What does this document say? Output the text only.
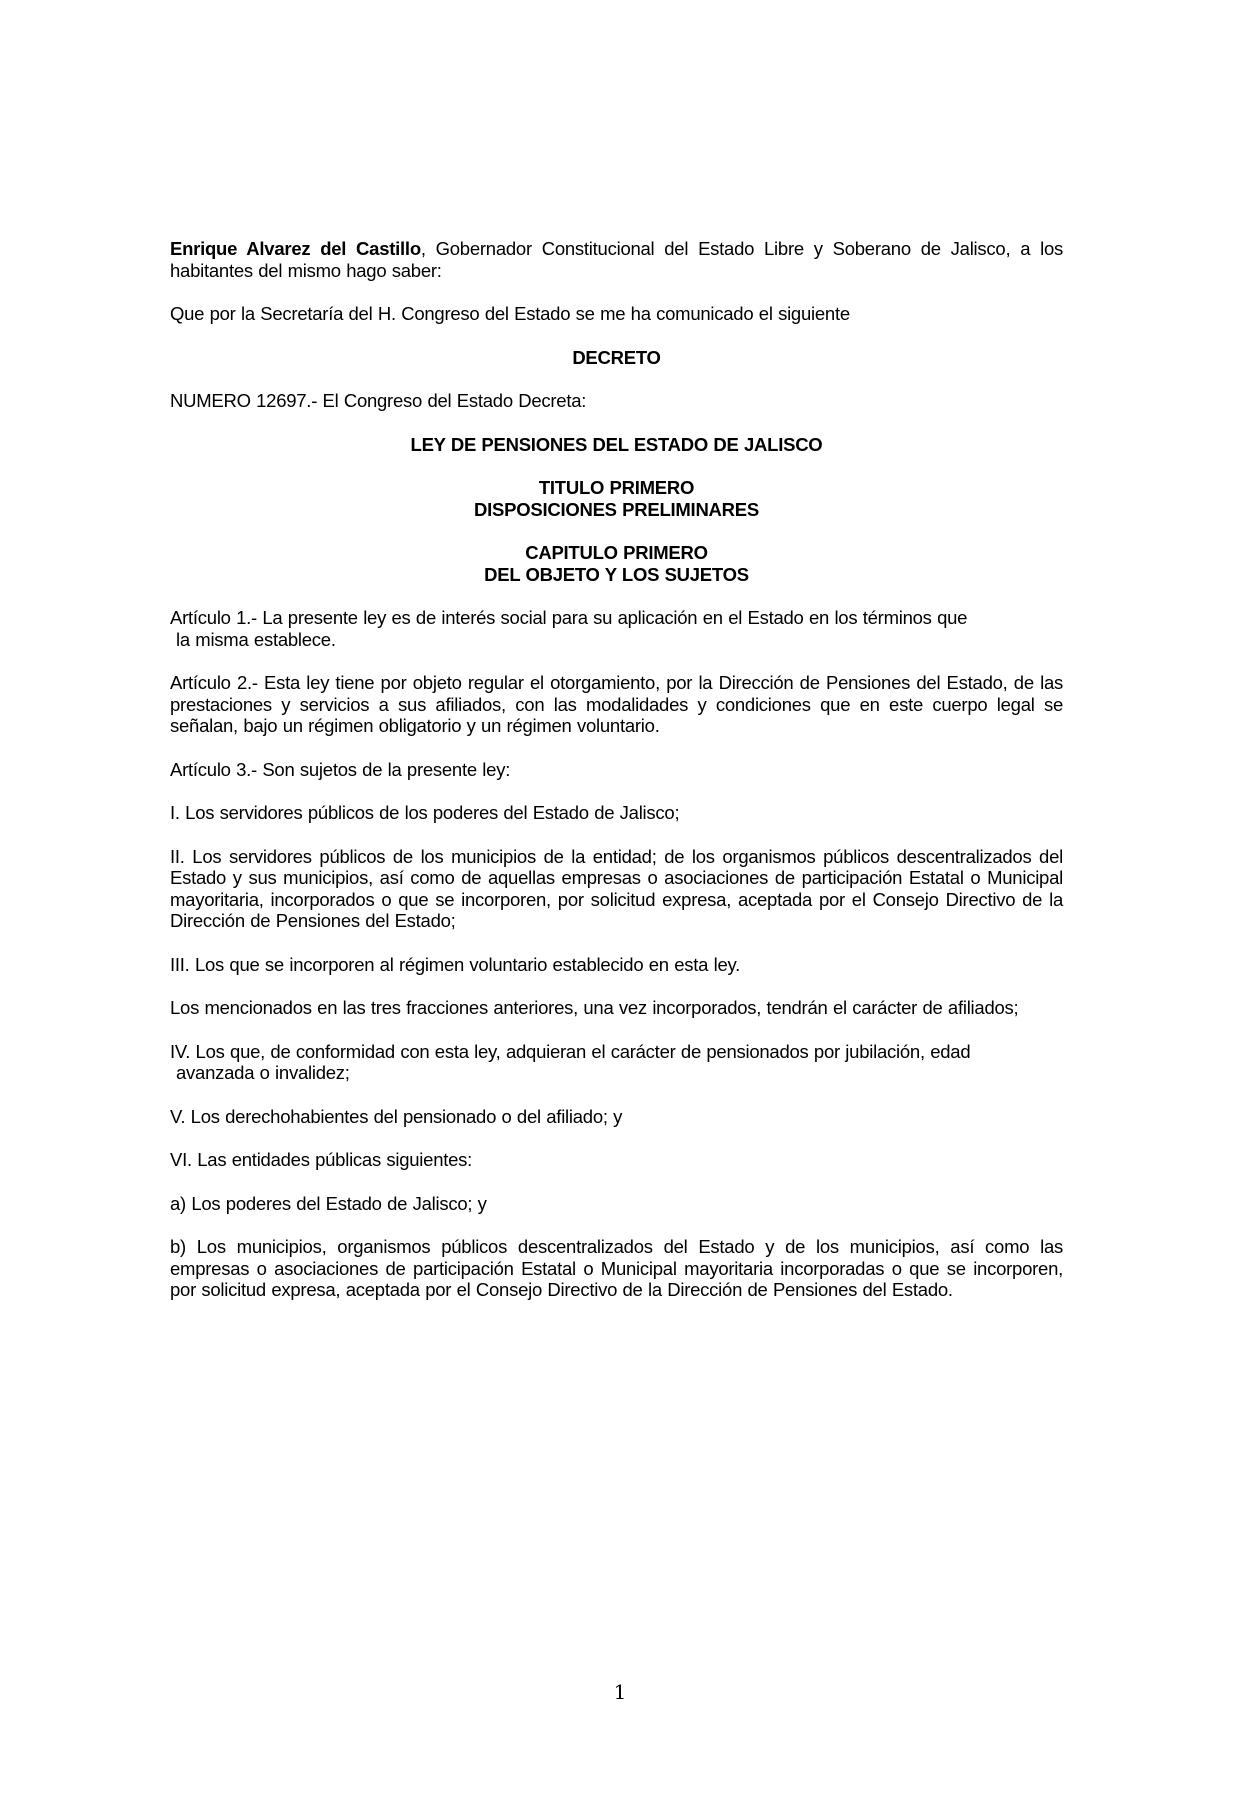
Enrique Alvarez del Castillo, Gobernador Constitucional del Estado Libre y Soberano de Jalisco, a los habitantes del mismo hago saber:

Que por la Secretaría del H. Congreso del Estado se me ha comunicado el siguiente

DECRETO

NUMERO 12697.- El Congreso del Estado Decreta:

LEY DE PENSIONES DEL ESTADO DE JALISCO
TITULO PRIMERO
DISPOSICIONES PRELIMINARES
CAPITULO PRIMERO
DEL OBJETO Y LOS SUJETOS
Artículo 1.- La presente ley es de interés social para su aplicación en el Estado en los términos que
la misma establece.

Artículo 2.- Esta ley tiene por objeto regular el otorgamiento, por la Dirección de Pensiones del Estado, de las prestaciones y servicios a sus afiliados, con las modalidades y condiciones que en este cuerpo legal se señalan, bajo un régimen obligatorio y un régimen voluntario.

Artículo 3.- Son sujetos de la presente ley:

I. Los servidores públicos de los poderes del Estado de Jalisco;

II. Los servidores públicos de los municipios de la entidad; de los organismos públicos descentralizados del Estado y sus municipios, así como de aquellas empresas o asociaciones de participación Estatal o Municipal mayoritaria, incorporados o que se incorporen, por solicitud expresa, aceptada por el Consejo Directivo de la Dirección de Pensiones del Estado;

III. Los que se incorporen al régimen voluntario establecido en esta ley.

Los mencionados en las tres fracciones anteriores, una vez incorporados, tendrán el carácter de afiliados;

IV. Los que, de conformidad con esta ley, adquieran el carácter de pensionados por jubilación, edad
avanzada o invalidez;

V. Los derechohabientes del pensionado o del afiliado; y

VI. Las entidades públicas siguientes:

a) Los poderes del Estado de Jalisco; y

b) Los municipios, organismos públicos descentralizados del Estado y de los municipios, así como las empresas o asociaciones de participación Estatal o Municipal mayoritaria incorporadas o que se incorporen, por solicitud expresa, aceptada por el Consejo Directivo de la Dirección de Pensiones del Estado.

1
